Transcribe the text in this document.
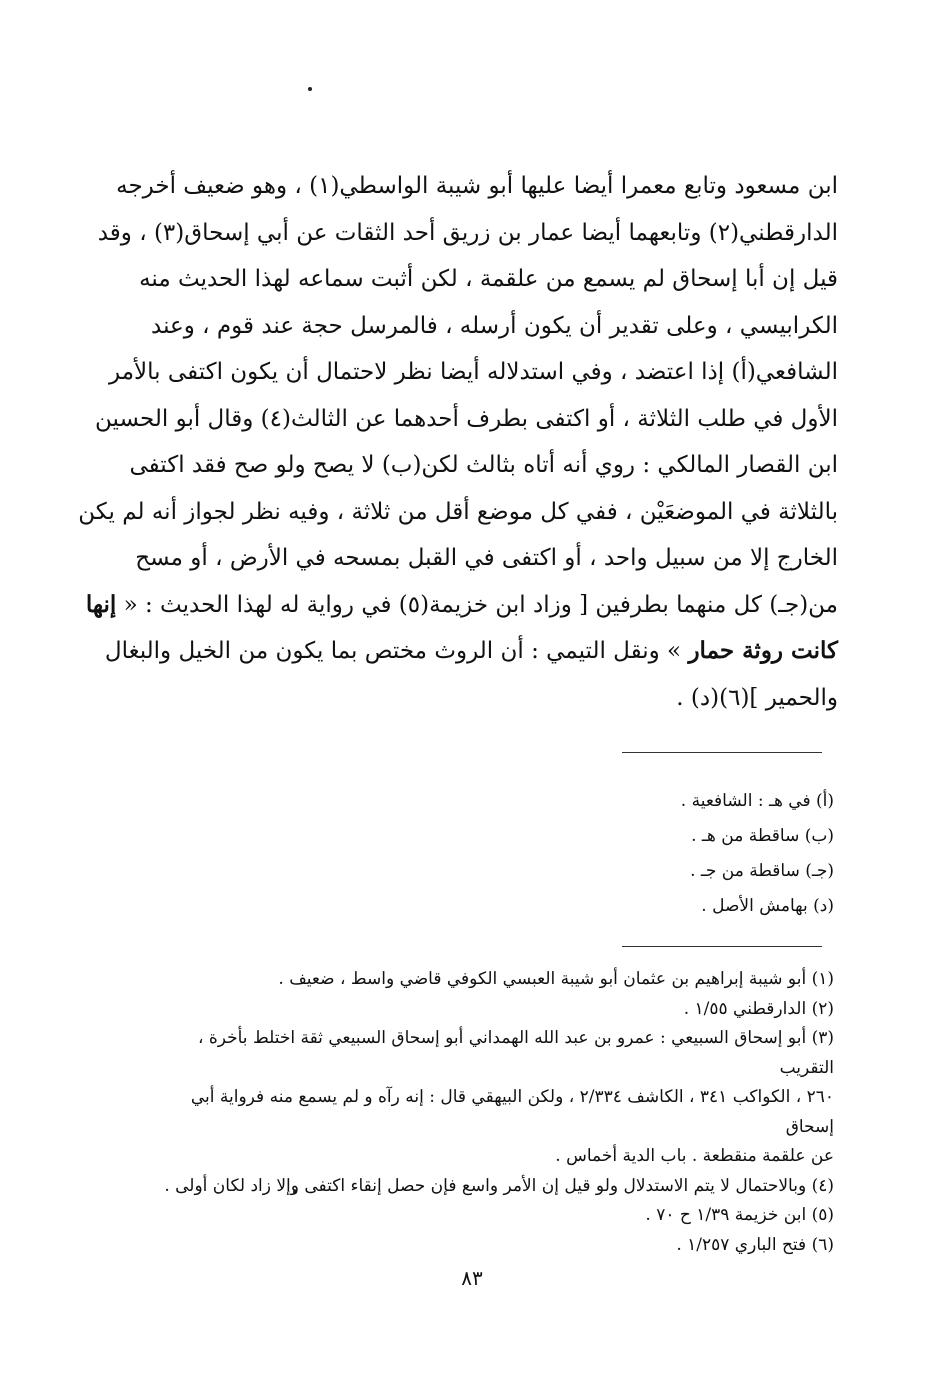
ابن مسعود وتابع معمرا أيضا عليها أبو شيبة الواسطي(١) ، وهو ضعيف أخرجه
الدارقطني(٢) وتابعهما أيضا عمار بن زريق أحد الثقات عن أبي إسحاق(٣) ، وقد
قيل إن أبا إسحاق لم يسمع من علقمة ، لكن أثبت سماعه لهذا الحديث منه
الكرابيسي ، وعلى تقدير أن يكون أرسله ، فالمرسل حجة عند قوم ، وعند
الشافعي(أ) إذا اعتضد ، وفي استدلاله أيضا نظر لاحتمال أن يكون اكتفى بالأمر
الأول في طلب الثلاثة ، أو اكتفى بطرف أحدهما عن الثالث(٤) وقال أبو الحسين
ابن القصار المالكي : روي أنه أتاه بثالث لكن(ب) لا يصح ولو صح فقد اكتفى
بالثلاثة في الموضعَيْن ، ففي كل موضع أقل من ثلاثة ، وفيه نظر لجواز أنه لم يكن
الخارج إلا من سبيل واحد ، أو اكتفى في القبل بمسحه في الأرض ، أو مسح
من(جـ) كل منهما بطرفين [ وزاد ابن خزيمة(٥) في رواية له لهذا الحديث : « إنها
كانت روثة حمار » ونقل التيمي : أن الروث مختص بما يكون من الخيل والبغال
والحمير ](٦)(د) .
(أ) في هـ : الشافعية .
(ب) ساقطة من هـ .
(جـ) ساقطة من جـ .
(د) بهامش الأصل .
(١) أبو شيبة إبراهيم بن عثمان أبو شيبة العبسي الكوفي قاضي واسط ، ضعيف .
(٢) الدارقطني ١/٥٥ .
(٣) أبو إسحاق السبيعي : عمرو بن عبد الله الهمداني أبو إسحاق السبيعي ثقة اختلط بأخرة ، التقريب
٢٦٠ ، الكواكب ٣٤١ ، الكاشف ٢/٣٣٤ ، ولكن البيهقي قال : إنه رآه و لم يسمع منه فرواية أبي إسحاق
عن علقمة منقطعة . باب الدية أخماس .
(٤) وبالاحتمال لا يتم الاستدلال ولو قيل إن الأمر واسع فإن حصل إنقاء اكتفى وإلا زاد لكان أولى .
(٥) ابن خزيمة ١/٣٩ ح ٧٠ .
(٦) فتح الباري ١/٢٥٧ .
٨٣
